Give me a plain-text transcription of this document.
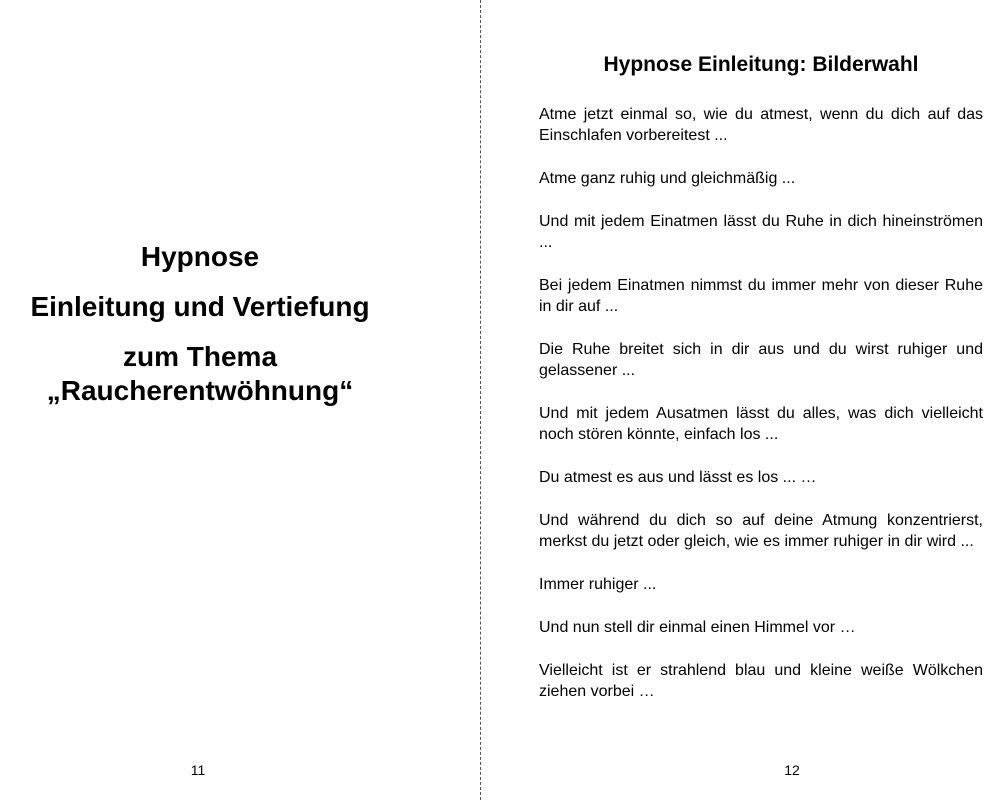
Hypnose
Einleitung und Vertiefung
zum Thema
„Raucherentwöhnung“
11
Hypnose Einleitung: Bilderwahl

Atme jetzt einmal so, wie du atmest, wenn du dich auf das Einschlafen vorbereitest ...

Atme ganz ruhig und gleichmäßig ...

Und mit jedem Einatmen lässt du Ruhe in dich hineinströmen ...

Bei jedem Einatmen nimmst du immer mehr von dieser Ruhe in dir auf ...

Die Ruhe breitet sich in dir aus und du wirst ruhiger und gelassener ...

Und mit jedem Ausatmen lässt du alles, was dich vielleicht noch stören könnte, einfach los ...

Du atmest es aus und lässt es los ... …

Und während du dich so auf deine Atmung konzentrierst, merkst du jetzt oder gleich, wie es immer ruhiger in dir wird ...

Immer ruhiger ...

Und nun stell dir einmal einen Himmel vor …

Vielleicht ist er strahlend blau und kleine weiße Wölkchen ziehen vorbei …

12
